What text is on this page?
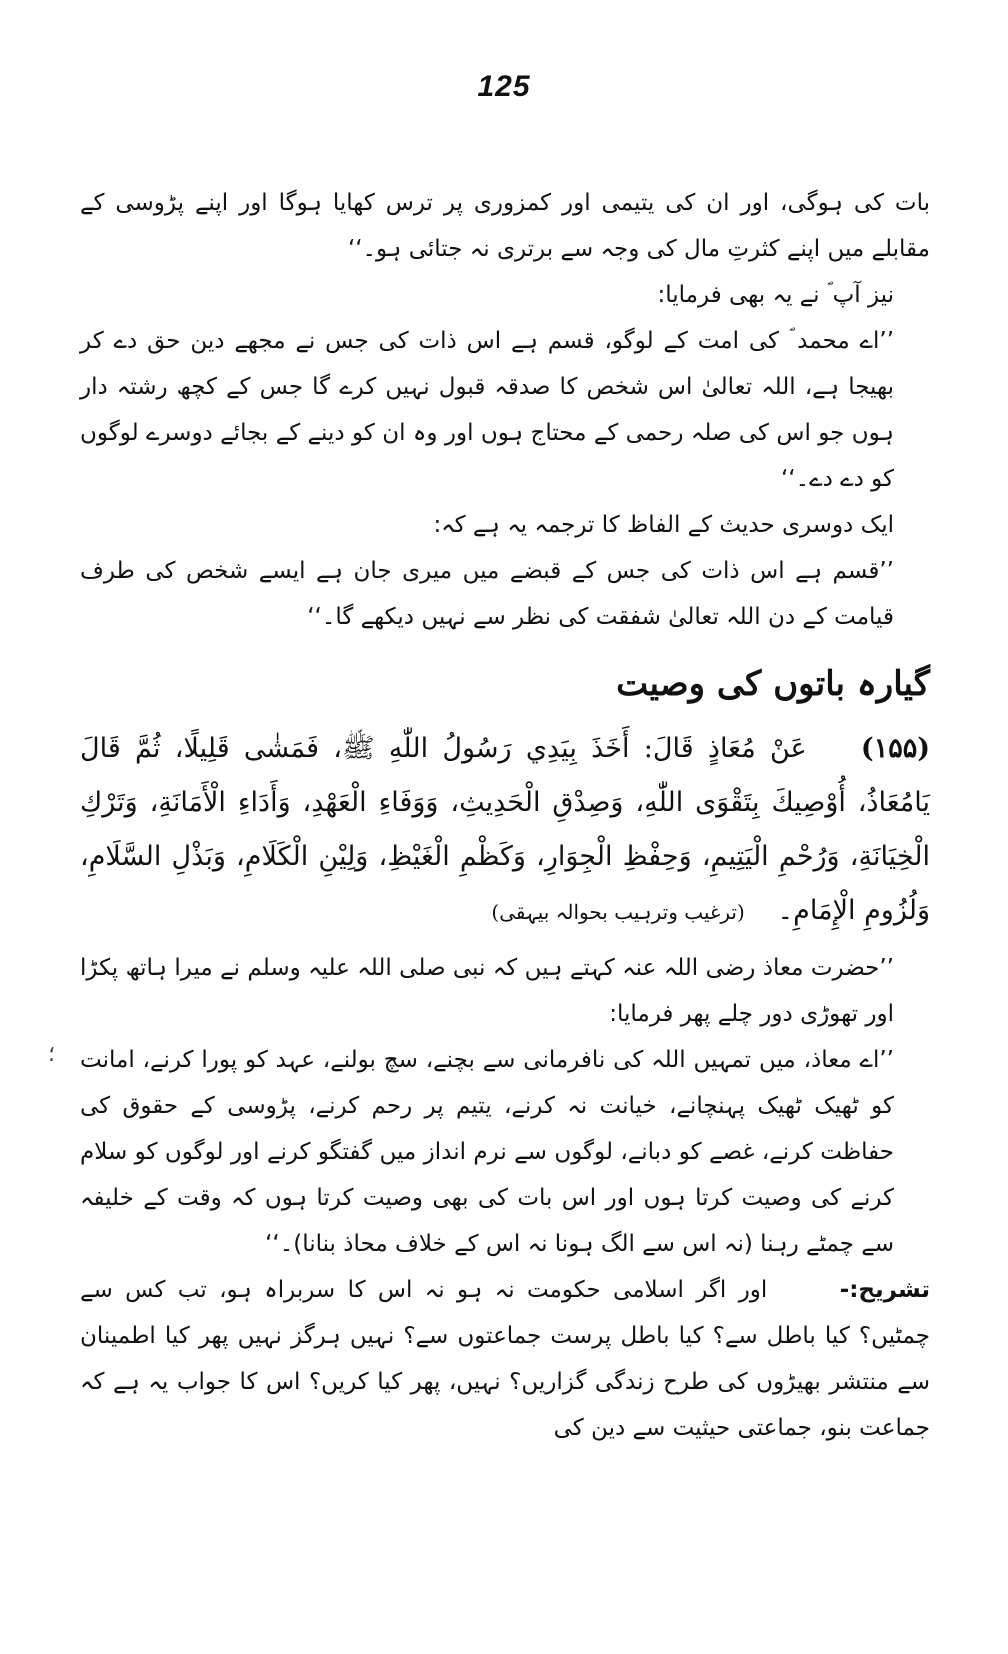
125
؛

بات کی ہوگی، اور ان کی یتیمی اور کمزوری پر ترس کھایا ہوگا اور اپنے پڑوسی کے مقابلے میں اپنے کثرتِ مال کی وجہ سے برتری نہ جتائی ہو۔‘‘

نیز آپ ؐ نے یہ بھی فرمایا:

’’اے محمد ؐ کی امت کے لوگو، قسم ہے اس ذات کی جس نے مجھے دین حق دے کر بھیجا ہے، اللہ تعالیٰ اس شخص کا صدقہ قبول نہیں کرے گا جس کے کچھ رشتہ دار ہوں جو اس کی صلہ رحمی کے محتاج ہوں اور وہ ان کو دینے کے بجائے دوسرے لوگوں کو دے دے۔‘‘

ایک دوسری حدیث کے الفاظ کا ترجمہ یہ ہے کہ:

’’قسم ہے اس ذات کی جس کے قبضے میں میری جان ہے ایسے شخص کی طرف قیامت کے دن اللہ تعالیٰ شفقت کی نظر سے نہیں دیکھے گا۔‘‘

گیارہ باتوں کی وصیت

(۱۵۵) عَنْ مُعَاذٍ قَالَ: أَخَذَ بِيَدِي رَسُولُ اللّٰهِ ﷺ، فَمَشٰى قَلِيلًا، ثُمَّ قَالَ يَامُعَاذُ، أُوْصِيكَ بِتَقْوَى اللّٰهِ، وَصِدْقِ الْحَدِيثِ، وَوَفَاءِ الْعَهْدِ، وَأَدَاءِ الْأَمَانَةِ، وَتَرْكِ الْخِيَانَةِ، وَرُحْمِ الْيَتِيمِ، وَحِفْظِ الْجِوَارِ، وَكَظْمِ الْغَيْظِ، وَلِيْنِ الْكَلَامِ، وَبَذْلِ السَّلَامِ، وَلُزُومِ الْإِمَامِ۔ (ترغیب وترہیب بحوالہ بیہقی)

’’حضرت معاذ رضی اللہ عنہ کہتے ہیں کہ نبی صلی اللہ علیہ وسلم نے میرا ہاتھ پکڑا اور تھوڑی دور چلے پھر فرمایا:

’’اے معاذ، میں تمہیں اللہ کی نافرمانی سے بچنے، سچ بولنے، عہد کو پورا کرنے، امانت کو ٹھیک ٹھیک پہنچانے، خیانت نہ کرنے، یتیم پر رحم کرنے، پڑوسی کے حقوق کی حفاظت کرنے، غصے کو دبانے، لوگوں سے نرم انداز میں گفتگو کرنے اور لوگوں کو سلام کرنے کی وصیت کرتا ہوں اور اس بات کی بھی وصیت کرتا ہوں کہ وقت کے خلیفہ سے چمٹے رہنا (نہ اس سے الگ ہونا نہ اس کے خلاف محاذ بنانا)۔‘‘

تشریح:- اور اگر اسلامی حکومت نہ ہو نہ اس کا سربراہ ہو، تب کس سے چمٹیں؟ کیا باطل سے؟ کیا باطل پرست جماعتوں سے؟ نہیں ہرگز نہیں پھر کیا اطمینان سے منتشر بھیڑوں کی طرح زندگی گزاریں؟ نہیں، پھر کیا کریں؟ اس کا جواب یہ ہے کہ جماعت بنو، جماعتی حیثیت سے دین کی
